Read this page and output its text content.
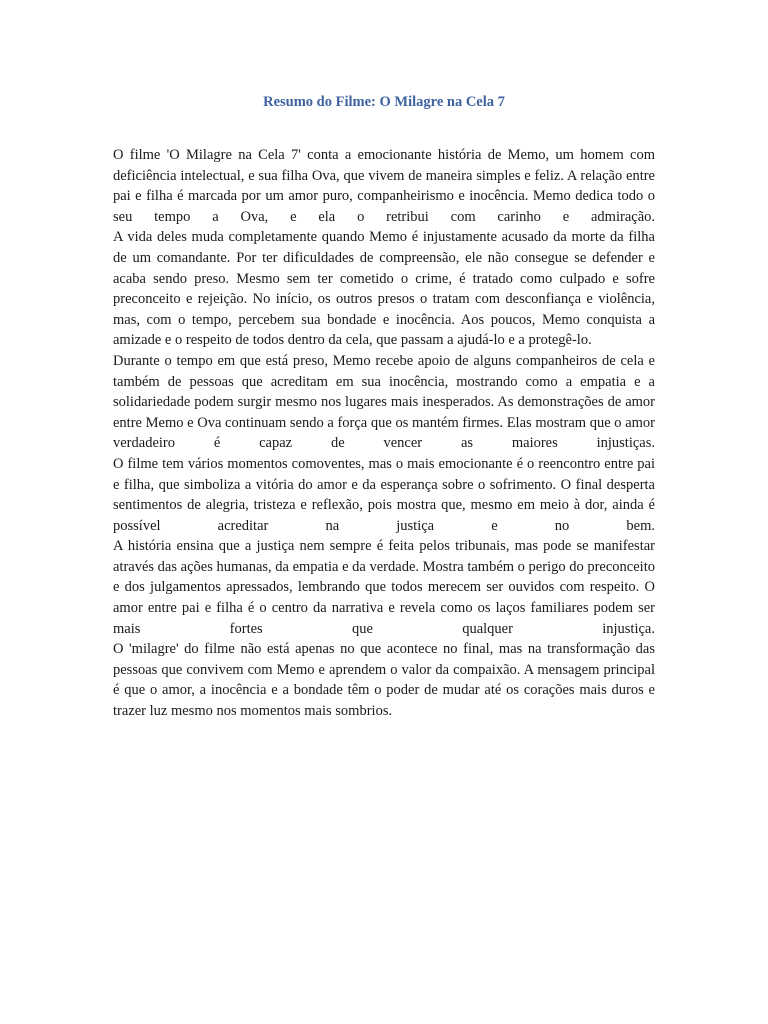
Resumo do Filme: O Milagre na Cela 7

O filme 'O Milagre na Cela 7' conta a emocionante história de Memo, um homem com deficiência intelectual, e sua filha Ova, que vivem de maneira simples e feliz. A relação entre pai e filha é marcada por um amor puro, companheirismo e inocência. Memo dedica todo o seu tempo a Ova, e ela o retribui com carinho e admiração.

A vida deles muda completamente quando Memo é injustamente acusado da morte da filha de um comandante. Por ter dificuldades de compreensão, ele não consegue se defender e acaba sendo preso. Mesmo sem ter cometido o crime, é tratado como culpado e sofre preconceito e rejeição. No início, os outros presos o tratam com desconfiança e violência, mas, com o tempo, percebem sua bondade e inocência. Aos poucos, Memo conquista a amizade e o respeito de todos dentro da cela, que passam a ajudá-lo e a protegê-lo.

Durante o tempo em que está preso, Memo recebe apoio de alguns companheiros de cela e também de pessoas que acreditam em sua inocência, mostrando como a empatia e a solidariedade podem surgir mesmo nos lugares mais inesperados. As demonstrações de amor entre Memo e Ova continuam sendo a força que os mantém firmes. Elas mostram que o amor verdadeiro é capaz de vencer as maiores injustiças.

O filme tem vários momentos comoventes, mas o mais emocionante é o reencontro entre pai e filha, que simboliza a vitória do amor e da esperança sobre o sofrimento. O final desperta sentimentos de alegria, tristeza e reflexão, pois mostra que, mesmo em meio à dor, ainda é possível acreditar na justiça e no bem.

A história ensina que a justiça nem sempre é feita pelos tribunais, mas pode se manifestar através das ações humanas, da empatia e da verdade. Mostra também o perigo do preconceito e dos julgamentos apressados, lembrando que todos merecem ser ouvidos com respeito. O amor entre pai e filha é o centro da narrativa e revela como os laços familiares podem ser mais fortes que qualquer injustiça.

O 'milagre' do filme não está apenas no que acontece no final, mas na transformação das pessoas que convivem com Memo e aprendem o valor da compaixão. A mensagem principal é que o amor, a inocência e a bondade têm o poder de mudar até os corações mais duros e trazer luz mesmo nos momentos mais sombrios.
